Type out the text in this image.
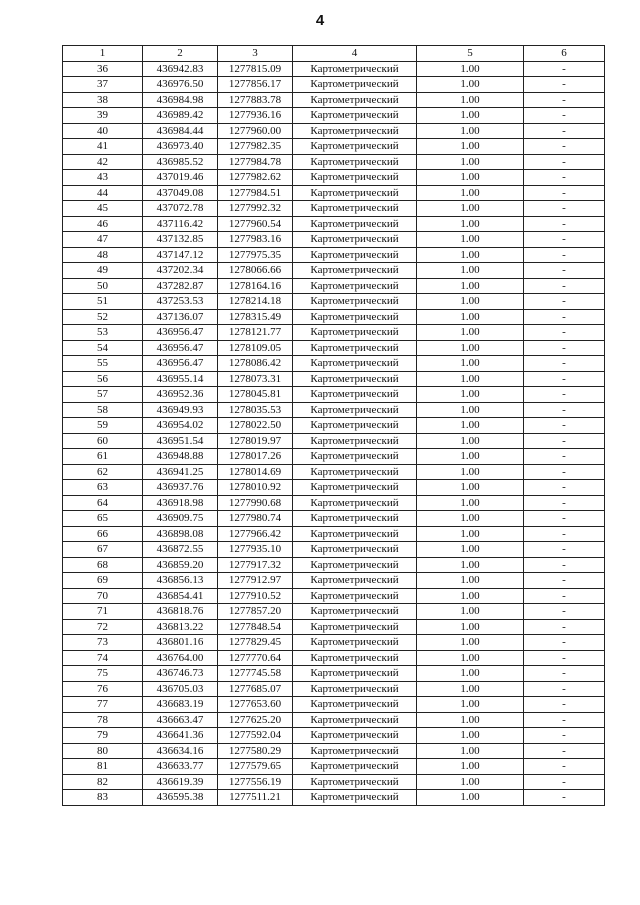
4
1	2	3	4	5	6
36	436942.83	1277815.09	Картометрический	1.00	-
37	436976.50	1277856.17	Картометрический	1.00	-
38	436984.98	1277883.78	Картометрический	1.00	-
39	436989.42	1277936.16	Картометрический	1.00	-
40	436984.44	1277960.00	Картометрический	1.00	-
41	436973.40	1277982.35	Картометрический	1.00	-
42	436985.52	1277984.78	Картометрический	1.00	-
43	437019.46	1277982.62	Картометрический	1.00	-
44	437049.08	1277984.51	Картометрический	1.00	-
45	437072.78	1277992.32	Картометрический	1.00	-
46	437116.42	1277960.54	Картометрический	1.00	-
47	437132.85	1277983.16	Картометрический	1.00	-
48	437147.12	1277975.35	Картометрический	1.00	-
49	437202.34	1278066.66	Картометрический	1.00	-
50	437282.87	1278164.16	Картометрический	1.00	-
51	437253.53	1278214.18	Картометрический	1.00	-
52	437136.07	1278315.49	Картометрический	1.00	-
53	436956.47	1278121.77	Картометрический	1.00	-
54	436956.47	1278109.05	Картометрический	1.00	-
55	436956.47	1278086.42	Картометрический	1.00	-
56	436955.14	1278073.31	Картометрический	1.00	-
57	436952.36	1278045.81	Картометрический	1.00	-
58	436949.93	1278035.53	Картометрический	1.00	-
59	436954.02	1278022.50	Картометрический	1.00	-
60	436951.54	1278019.97	Картометрический	1.00	-
61	436948.88	1278017.26	Картометрический	1.00	-
62	436941.25	1278014.69	Картометрический	1.00	-
63	436937.76	1278010.92	Картометрический	1.00	-
64	436918.98	1277990.68	Картометрический	1.00	-
65	436909.75	1277980.74	Картометрический	1.00	-
66	436898.08	1277966.42	Картометрический	1.00	-
67	436872.55	1277935.10	Картометрический	1.00	-
68	436859.20	1277917.32	Картометрический	1.00	-
69	436856.13	1277912.97	Картометрический	1.00	-
70	436854.41	1277910.52	Картометрический	1.00	-
71	436818.76	1277857.20	Картометрический	1.00	-
72	436813.22	1277848.54	Картометрический	1.00	-
73	436801.16	1277829.45	Картометрический	1.00	-
74	436764.00	1277770.64	Картометрический	1.00	-
75	436746.73	1277745.58	Картометрический	1.00	-
76	436705.03	1277685.07	Картометрический	1.00	-
77	436683.19	1277653.60	Картометрический	1.00	-
78	436663.47	1277625.20	Картометрический	1.00	-
79	436641.36	1277592.04	Картометрический	1.00	-
80	436634.16	1277580.29	Картометрический	1.00	-
81	436633.77	1277579.65	Картометрический	1.00	-
82	436619.39	1277556.19	Картометрический	1.00	-
83	436595.38	1277511.21	Картометрический	1.00	-
